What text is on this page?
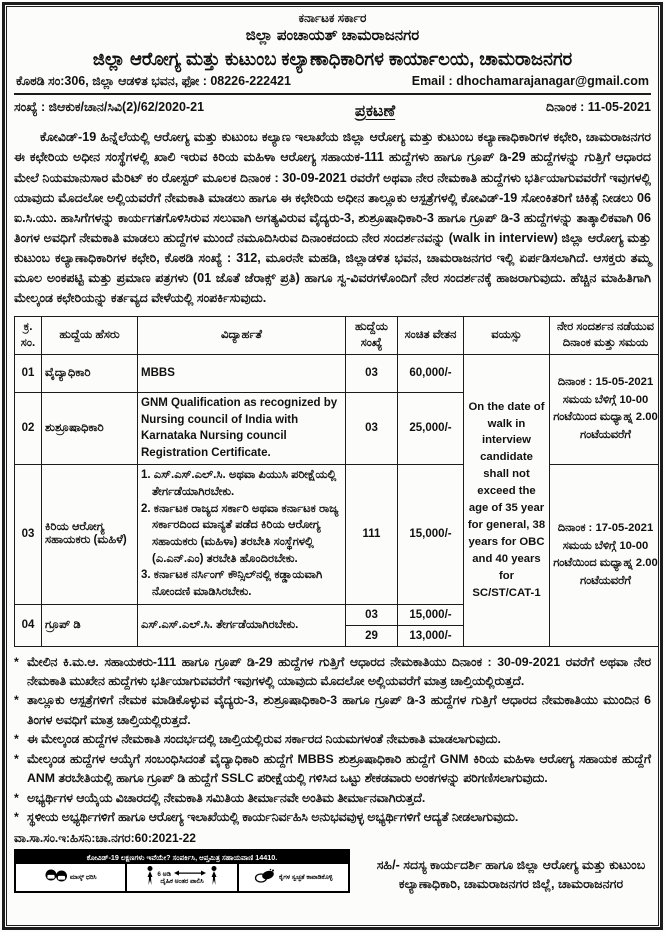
ಕರ್ನಾಟಕ ಸರ್ಕಾರ
ಜಿಲ್ಲಾ ಪಂಚಾಯತ್ ಚಾಮರಾಜನಗರ
ಜಿಲ್ಲಾ ಆರೋಗ್ಯ ಮತ್ತು ಕುಟುಂಬ ಕಲ್ಯಾಣಾಧಿಕಾರಿಗಳ ಕಾರ್ಯಾಲಯ, ಚಾಮರಾಜನಗರ
ಕೊಠಡಿ ಸಂ:306, ಜಿಲ್ಲಾ ಆಡಳಿತ ಭವನ, ಫೋ : 08226-222421	Email : dhochamarajanagar@gmail.com
ಸಂಖ್ಯೆ : ಜಿಆಕುಕ/ಚಾನ/ಸಿವಿ(2)/62/2020-21	ಪ್ರಕಟಣೆ	ದಿನಾಂಕ : 11-05-2021
ಕೋವಿಡ್-19 ಹಿನ್ನೆಲೆಯಲ್ಲಿ ಆರೋಗ್ಯ ಮತ್ತು ಕುಟುಂಬ ಕಲ್ಯಾಣ ಇಲಾಖೆಯ ಜಿಲ್ಲಾ ಆರೋಗ್ಯ ಮತ್ತು ಕುಟುಂಬ ಕಲ್ಯಾಣಾಧಿಕಾರಿಗಳ ಕಛೇರಿ, ಚಾಮರಾಜನಗರ ಈ ಕಛೇರಿಯ ಅಧೀನ ಸಂಸ್ಥೆಗಳಲ್ಲಿ ಖಾಲಿ ಇರುವ ಕಿರಿಯ ಮಹಿಳಾ ಆರೋಗ್ಯ ಸಹಾಯಕ-111 ಹುದ್ದೆಗಳು ಹಾಗೂ ಗ್ರೂಪ್ ಡಿ-29 ಹುದ್ದೆಗಳನ್ನು ಗುತ್ತಿಗೆ ಆಧಾರದ ಮೇಲೆ ನಿಯಮಾನುಸಾರ ಮೆರಿಟ್ ಕಂ ರೋಸ್ಟರ್ ಮೂಲಕ ದಿನಾಂಕ : 30-09-2021 ರವರೆಗೆ ಅಥವಾ ನೇರ ನೇಮಕಾತಿ ಹುದ್ದೆಗಳು ಭರ್ತಿಯಾಗುವವರೆಗೆ ಇವುಗಳಲ್ಲಿ ಯಾವುದು ಮೊದಲೋ ಅಲ್ಲಿಯವರೆಗೆ ನೇಮಕಾತಿ ಮಾಡಲು ಹಾಗೂ ಈ ಕಛೇರಿಯ ಅಧೀನ ತಾಲ್ಲೂಕು ಆಸ್ಪತ್ರೆಗಳಲ್ಲಿ ಕೋವಿಡ್-19 ಸೋಂಕಿತರಿಗೆ ಚಿಕಿತ್ಸೆ ನೀಡಲು 06 ಐ.ಸಿ.ಯು. ಹಾಸಿಗೆಗಳನ್ನು ಕಾರ್ಯಗತಗೊಳಿಸಿರುವ ಸಲುವಾಗಿ ಅಗತ್ಯವಿರುವ ವೈದ್ಯರು-3, ಶುಶ್ರೂಷಾಧಿಕಾರಿ-3 ಹಾಗೂ ಗ್ರೂಪ್ ಡಿ-3 ಹುದ್ದೆಗಳನ್ನು ತಾತ್ಕಾಲಿಕವಾಗಿ 06 ತಿಂಗಳ ಅವಧಿಗೆ ನೇಮಕಾತಿ ಮಾಡಲು ಹುದ್ದೆಗಳ ಮುಂದೆ ನಮೂದಿಸಿರುವ ದಿನಾಂಕದಂದು ನೇರ ಸಂದರ್ಶನವನ್ನು (walk in interview) ಜಿಲ್ಲಾ ಆರೋಗ್ಯ ಮತ್ತು ಕುಟುಂಬ ಕಲ್ಯಾಣಾಧಿಕಾರಿಗಳ ಕಛೇರಿ, ಕೊಠಡಿ ಸಂಖ್ಯೆ : 312, ಮೂರನೇ ಮಹಡಿ, ಜಿಲ್ಲಾಡಳಿತ ಭವನ, ಚಾಮರಾಜನಗರ ಇಲ್ಲಿ ಏರ್ಪಡಿಸಲಾಗಿದೆ. ಆಸಕ್ತರು ತಮ್ಮ ಮೂಲ ಅಂಕಪಟ್ಟಿ ಮತ್ತು ಪ್ರಮಾಣ ಪತ್ರಗಳು (01 ಜೊತೆ ಜೆರಾಕ್ಸ್ ಪ್ರತಿ) ಹಾಗೂ ಸ್ವ-ವಿವರಗಳೊಂದಿಗೆ ನೇರ ಸಂದರ್ಶನಕ್ಕೆ ಹಾಜರಾಗುವುದು. ಹೆಚ್ಚಿನ ಮಾಹಿತಿಗಾಗಿ ಮೇಲ್ಕಂಡ ಕಛೇರಿಯನ್ನು ಕರ್ತವ್ಯದ ವೇಳೆಯಲ್ಲಿ ಸಂಪರ್ಕಿಸುವುದು.
ಕ್ರ. ಸಂ.	ಹುದ್ದೆಯ ಹೆಸರು	ವಿದ್ಯಾರ್ಹತೆ	ಹುದ್ದೆಯ ಸಂಖ್ಯೆ	ಸಂಚಿತ ವೇತನ	ವಯಸ್ಸು	ನೇರ ಸಂದರ್ಶನ ನಡೆಯುವ ದಿನಾಂಕ ಮತ್ತು ಸಮಯ
01	ವೈದ್ಯಾಧಿಕಾರಿ	MBBS	03	60,000/-	On the date of walk in interview candidate shall not exceed the age of 35 year for general, 38 years for OBC and 40 years for SC/ST/CAT-1	ದಿನಾಂಕ : 15-05-2021 ಸಮಯ ಬೆಳಿಗ್ಗೆ 10-00 ಗಂಟೆಯಿಂದ ಮಧ್ಯಾಹ್ನ 2.00 ಗಂಟೆಯವರೆಗೆ
02	ಶುಶ್ರೂಷಾಧಿಕಾರಿ	GNM Qualification as recognized by Nursing council of India with Karnataka Nursing council Registration Certificate.	03	25,000/-		
03	ಕಿರಿಯ ಆರೋಗ್ಯ ಸಹಾಯಕರು (ಮಹಿಳೆ)	1. ಎಸ್.ಎಸ್.ಎಲ್.ಸಿ. ಅಥವಾ ಪಿಯುಸಿ ಪರೀಕ್ಷೆಯಲ್ಲಿ ತೇರ್ಗಡೆಯಾಗಿರಬೇಕು.
2. ಕರ್ನಾಟಕ ರಾಜ್ಯದ ಸರ್ಕಾರಿ ಅಥವಾ ಕರ್ನಾಟಕ ರಾಜ್ಯ ಸರ್ಕಾರದಿಂದ ಮಾನ್ಯತೆ ಪಡೆದ ಕಿರಿಯ ಆರೋಗ್ಯ ಸಹಾಯಕರು (ಮಹಿಳಾ) ತರಬೇತಿ ಸಂಸ್ಥೆಗಳಲ್ಲಿ (ಎ.ಎನ್.ಎಂ) ತರಬೇತಿ ಹೊಂದಿರಬೇಕು.
3. ಕರ್ನಾಟಕ ನರ್ಸಿಂಗ್ ಕೌನ್ಸಿಲ್‌ನಲ್ಲಿ ಕಡ್ಡಾಯವಾಗಿ ನೋಂದಣಿ ಮಾಡಿಸಿರಬೇಕು.	111	15,000/-		ದಿನಾಂಕ : 17-05-2021 ಸಮಯ ಬೆಳಿಗ್ಗೆ 10-00 ಗಂಟೆಯಿಂದ ಮಧ್ಯಾಹ್ನ 2.00 ಗಂಟೆಯವರೆಗೆ
04	ಗ್ರೂಪ್ ಡಿ	ಎಸ್.ಎಸ್.ಎಲ್.ಸಿ. ತೇರ್ಗಡೆಯಾಗಿರಬೇಕು.	03	15,000/-		
			29	13,000/-		
* ಮೇಲಿನ ಕಿ.ಮ.ಆ. ಸಹಾಯಕರು-111 ಹಾಗೂ ಗ್ರೂಪ್ ಡಿ-29 ಹುದ್ದೆಗಳ ಗುತ್ತಿಗೆ ಆಧಾರದ ನೇಮಕಾತಿಯು ದಿನಾಂಕ : 30-09-2021 ರವರೆಗೆ ಅಥವಾ ನೇರ ನೇಮಕಾತಿ ಮುಖೇನ ಹುದ್ದೆಗಳು ಭರ್ತಿಯಾಗುವವರೆಗೆ ಇವುಗಳಲ್ಲಿ ಯಾವುದು ಮೊದಲೋ ಅಲ್ಲಿಯವರೆಗೆ ಮಾತ್ರ ಚಾಲ್ತಿಯಲ್ಲಿರುತ್ತದೆ.
* ತಾಲ್ಲೂಕು ಆಸ್ಪತ್ರೆಗಳಿಗೆ ನೇಮಕ ಮಾಡಿಕೊಳ್ಳುವ ವೈದ್ಯರು-3, ಶುಶ್ರೂಷಾಧಿಕಾರಿ-3 ಹಾಗೂ ಗ್ರೂಪ್ ಡಿ-3 ಹುದ್ದೆಗಳ ಗುತ್ತಿಗೆ ಆಧಾರದ ನೇಮಕಾತಿಯು ಮುಂದಿನ 6 ತಿಂಗಳ ಅವಧಿಗೆ ಮಾತ್ರ ಚಾಲ್ತಿಯಲ್ಲಿರುತ್ತದೆ.
* ಈ ಮೇಲ್ಕಂಡ ಹುದ್ದೆಗಳ ನೇಮಕಾತಿ ಸಂದರ್ಭದಲ್ಲಿ ಚಾಲ್ತಿಯಲ್ಲಿರುವ ಸರ್ಕಾರದ ನಿಯಮಗಳಂತೆ ನೇಮಕಾತಿ ಮಾಡಲಾಗುವುದು.
* ಮೇಲ್ಕಂಡ ಹುದ್ದೆಗಳ ಆಯ್ಕೆಗೆ ಸಂಬಂಧಿಸಿದಂತೆ ವೈದ್ಯಾಧಿಕಾರಿ ಹುದ್ದೆಗೆ MBBS ಶುಶ್ರೂಷಾಧಿಕಾರಿ ಹುದ್ದೆಗೆ GNM ಕಿರಿಯ ಮಹಿಳಾ ಆರೋಗ್ಯ ಸಹಾಯಕ ಹುದ್ದೆಗೆ ANM ತರಬೇತಿಯಲ್ಲಿ ಹಾಗೂ ಗ್ರೂಪ್ ಡಿ ಹುದ್ದೆಗೆ SSLC ಪರೀಕ್ಷೆಯಲ್ಲಿ ಗಳಿಸಿದ ಒಟ್ಟು ಶೇಕಡವಾರು ಅಂಕಗಳನ್ನು ಪರಿಗಣಿಸಲಾಗುವುದು.
* ಅಭ್ಯರ್ಥಿಗಳ ಆಯ್ಕೆಯ ವಿಚಾರದಲ್ಲಿ ನೇಮಕಾತಿ ಸಮಿತಿಯ ತೀರ್ಮಾನವೇ ಅಂತಿಮ ತೀರ್ಮಾನವಾಗಿರುತ್ತದೆ.
* ಸ್ಥಳೀಯ ಅಭ್ಯರ್ಥಿಗಳಿಗೆ ಹಾಗೂ ಆರೋಗ್ಯ ಇಲಾಖೆಯಲ್ಲಿ ಕಾರ್ಯನಿರ್ವಹಿಸಿ ಅನುಭವವುಳ್ಳ ಅಭ್ಯರ್ಥಿಗಳಿಗೆ ಆದ್ಯತೆ ನೀಡಲಾಗುವುದು.
ವಾ.ಸಾ.ಸಂ.ಇ:ಹಿಸನಿ:ಚಾ.ನಗರ:60:2021-22
ಕೋವಿಡ್-19 ಲಕ್ಷಣಗಳು ಇವೆಯೇ? ಸಂಪರ್ಕಿಸಿ, ಆಪ್ತಮಿತ್ರ ಸಹಾಯವಾಣಿ 14410.
ಮಾಸ್ಕ್ ಧರಿಸಿ	6 ಅಡಿ
ದೈಹಿಕ ಅಂತರ ಪಾಲಿಸಿ
ಕೈಗಳ ಸ್ವಚ್ಛತೆ ಕಾಪಾಡಿಕೊಳ್ಳಿ
ಸಹಿ/- ಸದಸ್ಯ ಕಾರ್ಯದರ್ಶಿ ಹಾಗೂ ಜಿಲ್ಲಾ ಆರೋಗ್ಯ ಮತ್ತು ಕುಟುಂಬ ಕಲ್ಯಾಣಾಧಿಕಾರಿ, ಚಾಮರಾಜನಗರ ಜಿಲ್ಲೆ, ಚಾಮರಾಜನಗರ
